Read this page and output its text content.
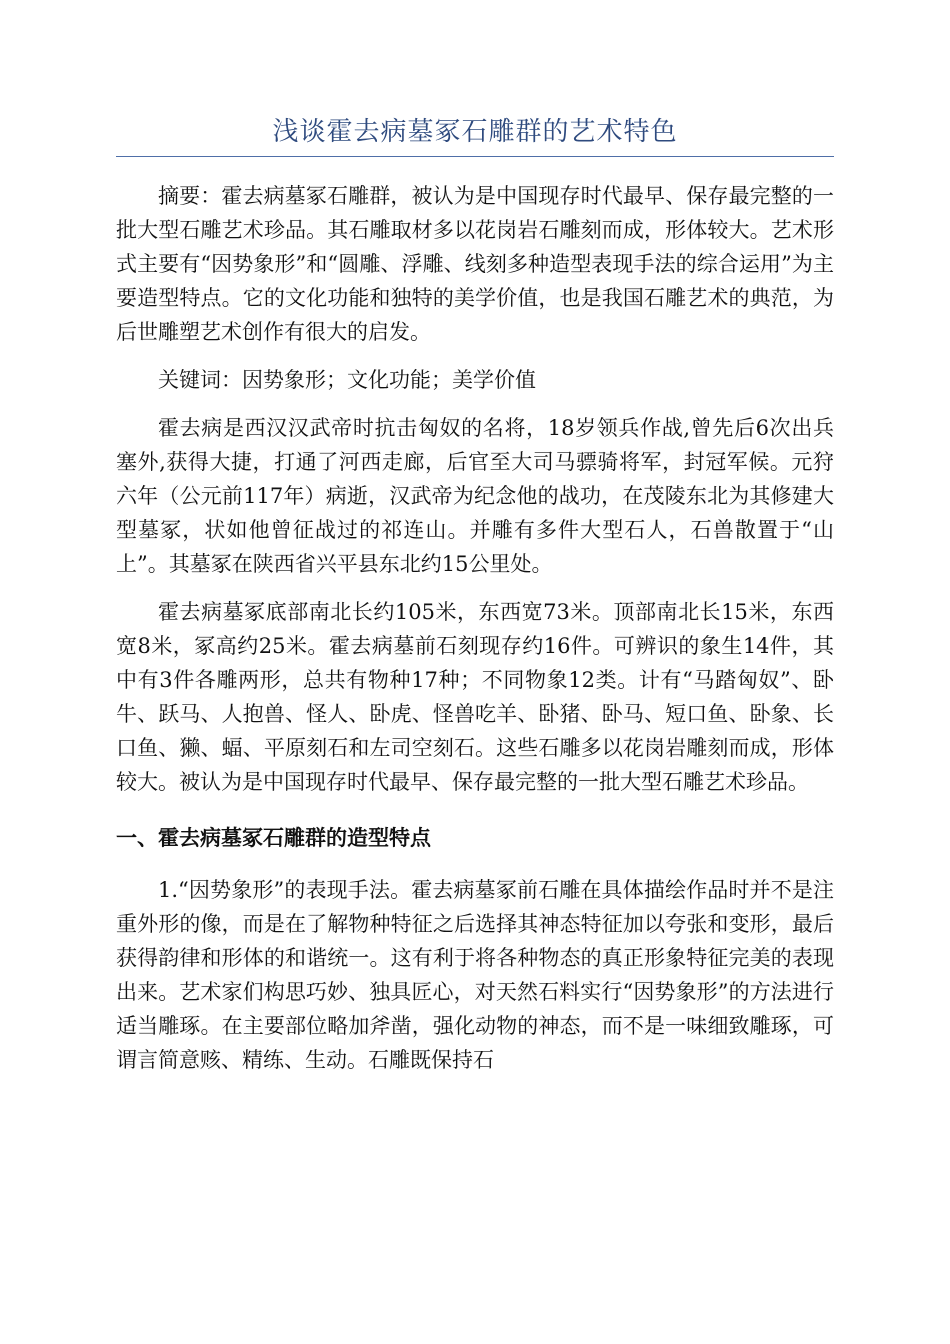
浅谈霍去病墓冢石雕群的艺术特色

摘要：霍去病墓冢石雕群，被认为是中国现存时代最早、保存最完整的一批大型石雕艺术珍品。其石雕取材多以花岗岩石雕刻而成，形体较大。艺术形式主要有“因势象形”和“圆雕、浮雕、线刻多种造型表现手法的综合运用”为主要造型特点。它的文化功能和独特的美学价值，也是我国石雕艺术的典范，为后世雕塑艺术创作有很大的启发。

关键词：因势象形；文化功能；美学价值

霍去病是西汉汉武帝时抗击匈奴的名将，18岁领兵作战,曾先后6次出兵塞外,获得大捷，打通了河西走廊，后官至大司马骠骑将军，封冠军候。元狩六年（公元前117年）病逝，汉武帝为纪念他的战功，在茂陵东北为其修建大型墓冢，状如他曾征战过的祁连山。并雕有多件大型石人，石兽散置于“山上”。其墓冢在陕西省兴平县东北约15公里处。

霍去病墓冢底部南北长约105米，东西宽73米。顶部南北长15米，东西宽8米，冢高约25米。霍去病墓前石刻现存约16件。可辨识的象生14件，其中有3件各雕两形，总共有物种17种；不同物象12类。计有“马踏匈奴”、卧牛、跃马、人抱兽、怪人、卧虎、怪兽吃羊、卧猪、卧马、短口鱼、卧象、长口鱼、獭、蝠、平原刻石和左司空刻石。这些石雕多以花岗岩雕刻而成，形体较大。被认为是中国现存时代最早、保存最完整的一批大型石雕艺术珍品。

一、霍去病墓冢石雕群的造型特点

1.“因势象形”的表现手法。霍去病墓冢前石雕在具体描绘作品时并不是注重外形的像，而是在了解物种特征之后选择其神态特征加以夸张和变形，最后获得韵律和形体的和谐统一。这有利于将各种物态的真正形象特征完美的表现出来。艺术家们构思巧妙、独具匠心，对天然石料实行“因势象形”的方法进行适当雕琢。在主要部位略加斧凿，强化动物的神态，而不是一味细致雕琢，可谓言简意赅、精练、生动。石雕既保持石
